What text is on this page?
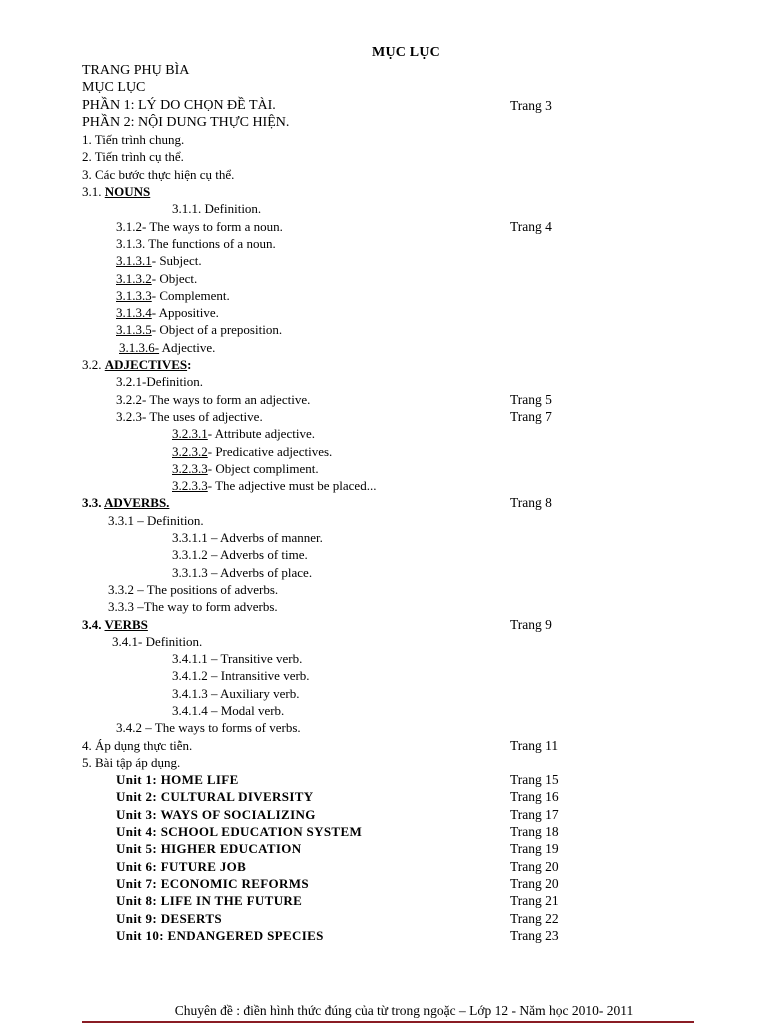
MỤC LỤC
TRANG PHỤ BÌA
MỤC LỤC
PHẦN 1: LÝ DO CHỌN ĐỀ TÀI.	Trang 3
PHẦN 2: NỘI DUNG THỰC HIỆN.
1. Tiến trình chung.
2. Tiến trình cụ thể.
3. Các bước thực hiện cụ thể.
3.1. NOUNS
3.1.1. Definition.
3.1.2- The ways to form a noun.	Trang 4
3.1.3. The functions of a noun.
3.1.3.1- Subject.
3.1.3.2- Object.
3.1.3.3- Complement.
3.1.3.4- Appositive.
3.1.3.5- Object of a preposition.
3.1.3.6- Adjective.
3.2. ADJECTIVES:
3.2.1-Definition.
3.2.2- The ways to form an adjective.	Trang 5
3.2.3- The uses of adjective.	Trang 7
3.2.3.1- Attribute adjective.
3.2.3.2- Predicative adjectives.
3.2.3.3- Object compliment.
3.2.3.3- The adjective must be placed...
3.3. ADVERBS.	Trang 8
3.3.1 – Definition.
3.3.1.1 – Adverbs of manner.
3.3.1.2 – Adverbs of time.
3.3.1.3 – Adverbs of place.
3.3.2 – The positions of adverbs.
3.3.3 –The way to form adverbs.
3.4. VERBS	Trang 9
3.4.1- Definition.
3.4.1.1 – Transitive verb.
3.4.1.2 – Intransitive verb.
3.4.1.3 – Auxiliary verb.
3.4.1.4 – Modal verb.
3.4.2 – The ways to forms of verbs.
4. Áp dụng thực tiễn.	Trang 11
5. Bài tập áp dụng.
Unit 1: HOME LIFE	Trang 15
Unit 2: CULTURAL DIVERSITY	Trang 16
Unit 3: WAYS OF SOCIALIZING	Trang 17
Unit 4: SCHOOL EDUCATION SYSTEM	Trang 18
Unit 5: HIGHER EDUCATION	Trang 19
Unit 6: FUTURE JOB	Trang 20
Unit 7: ECONOMIC REFORMS	Trang 20
Unit 8: LIFE IN THE FUTURE	Trang 21
Unit 9: DESERTS	Trang 22
Unit 10: ENDANGERED SPECIES	Trang 23
Chuyên đề : điền hình thức đúng của từ trong ngoặc – Lớp 12 - Năm học 2010- 2011
